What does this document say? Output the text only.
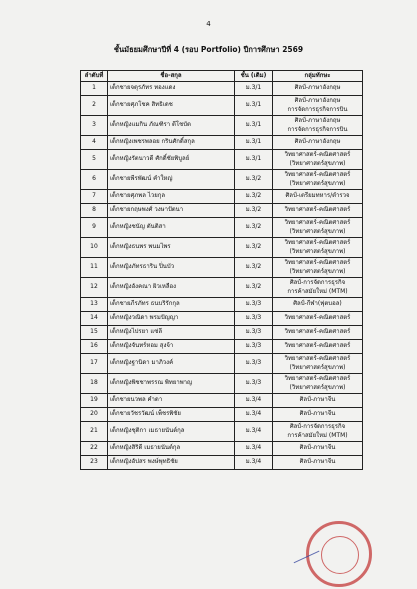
4
ชั้นมัธยมศึกษาปีที่ 4 (รอบ Portfolio) ปีการศึกษา 2569
ลำดับที่	ชื่อ-สกุล	ชั้น (เดิม)	กลุ่มทักษะ
1	เด็กชายจตุรภัทร ทองแดง	ม.3/1	ศิลป์-ภาษาอังกฤษ

2	เด็กชายศุภโชค สิทธิเดช	ม.3/1	ศิลป์-ภาษาอังกฤษ
การจัดการธุรกิจการบิน

3	เด็กหญิงแมกิน ภัณฑิรา ดีโชบัต	ม.3/1	ศิลป์-ภาษาอังกฤษ
การจัดการธุรกิจการบิน

4	เด็กหญิงเพชรพลอย กรินศักดิ์สกุล	ม.3/1	ศิลป์-ภาษาอังกฤษ

5	เด็กหญิงรัตนาวดี ศักดิ์ชัยพิบูลย์	ม.3/1	วิทยาศาสตร์-คณิตศาสตร์
(วิทยาศาสตร์สุขภาพ)

6	เด็กชายพีรพัฒน์ คำใหญ่	ม.3/2	วิทยาศาสตร์-คณิตศาสตร์
(วิทยาศาสตร์สุขภาพ)

7	เด็กชายศุภพล ไวยกุล	ม.3/2	ศิลป์-เตรียมทหาร/ตำรวจ

8	เด็กชายกฤษพงศ์ วงษาปัตนา	ม.3/2	วิทยาศาสตร์-คณิตศาสตร์

9	เด็กหญิงชนัญ ตันติสา	ม.3/2	วิทยาศาสตร์-คณิตศาสตร์
(วิทยาศาสตร์สุขภาพ)

10	เด็กหญิงธนพร พนมไพร	ม.3/2	วิทยาศาสตร์-คณิตศาสตร์
(วิทยาศาสตร์สุขภาพ)

11	เด็กหญิงภัทรธาริน ปิ่นบัว	ม.3/2	วิทยาศาสตร์-คณิตศาสตร์
(วิทยาศาสตร์สุขภาพ)

12	เด็กหญิงอังคณา ผิวเหลือง	ม.3/2	ศิลป์-การจัดการธุรกิจ
การค้าสมัยใหม่ (MTM)

13	เด็กชายภีรภัทร ธนบริรักกุล	ม.3/3	ศิลป์-กีฬา(ฟุตบอล)

14	เด็กหญิงวณิดา พรมปัญญา	ม.3/3	วิทยาศาสตร์-คณิตศาสตร์

15	เด็กหญิงไปรยา แซ่ลี	ม.3/3	วิทยาศาสตร์-คณิตศาสตร์

16	เด็กหญิงจันทร์หอม สุงจ้า	ม.3/3	วิทยาศาสตร์-คณิตศาสตร์

17	เด็กหญิงฐานิดา มาภิวงค์	ม.3/3	วิทยาศาสตร์-คณิตศาสตร์
(วิทยาศาสตร์สุขภาพ)

18	เด็กหญิงพิชชาพรรณ พิทยาพาญ	ม.3/3	วิทยาศาสตร์-คณิตศาสตร์
(วิทยาศาสตร์สุขภาพ)

19	เด็กชายนวพล คำดา	ม.3/4	ศิลป์-ภาษาจีน

20	เด็กชายวัชรวัฒน์ เพ็ชรพิชัย	ม.3/4	ศิลป์-ภาษาจีน

21	เด็กหญิงชุติกา เมธายนันต์กุล	ม.3/4	ศิลป์-การจัดการธุรกิจ
การค้าสมัยใหม่ (MTM)

22	เด็กหญิงสิริดี เมธายนันต์กุล	ม.3/4	ศิลป์-ภาษาจีน

23	เด็กหญิงอัปสร พงษ์พุทธิชัย	ม.3/4	ศิลป์-ภาษาจีน
